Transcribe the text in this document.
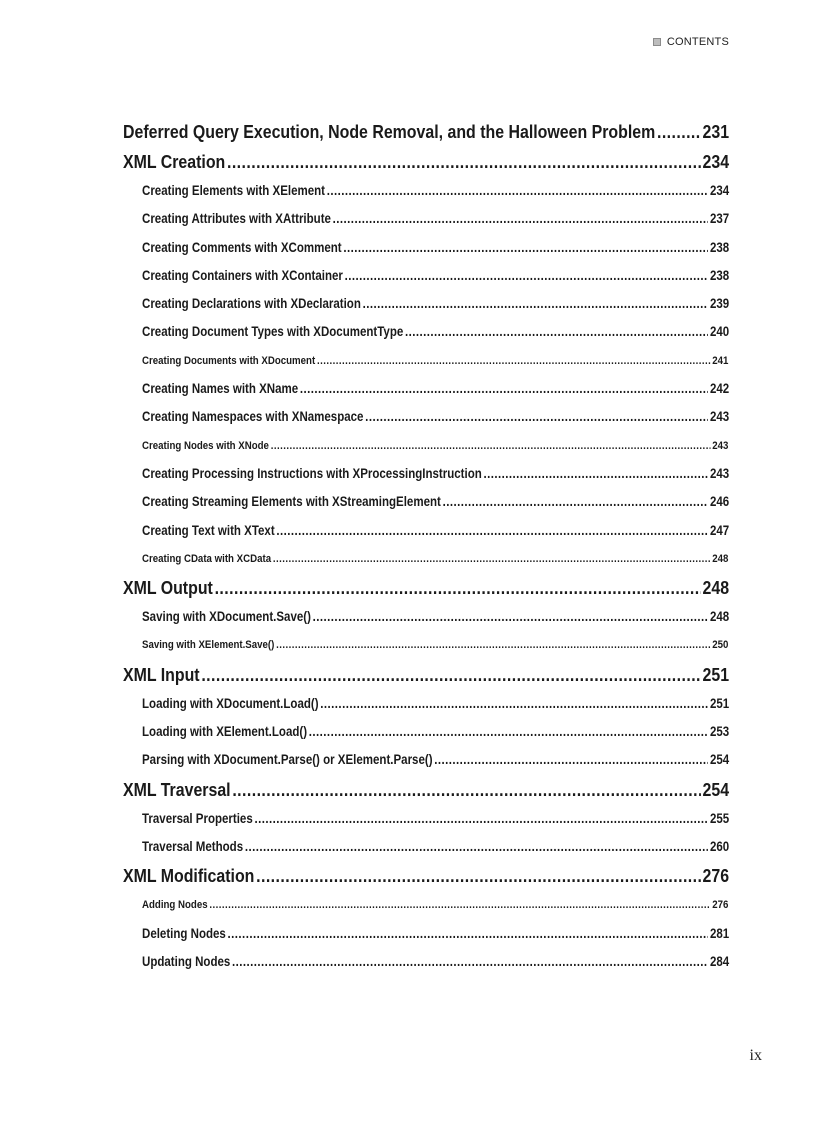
CONTENTS
Deferred Query Execution, Node Removal, and the Halloween Problem .....	231
XML Creation .....	234
Creating Elements with XElement .....	234
Creating Attributes with XAttribute .....	237
Creating Comments with XComment .....	238
Creating Containers with XContainer .....	238
Creating Declarations with XDeclaration .....	239
Creating Document Types with XDocumentType .....	240
Creating Documents with XDocument .....	241
Creating Names with XName .....	242
Creating Namespaces with XNamespace .....	243
Creating Nodes with XNode .....	243
Creating Processing Instructions with XProcessingInstruction .....	243
Creating Streaming Elements with XStreamingElement .....	246
Creating Text with XText .....	247
Creating CData with XCData .....	248
XML Output .....	248
Saving with XDocument.Save() .....	248
Saving with XElement.Save() .....	250
XML Input .....	251
Loading with XDocument.Load() .....	251
Loading with XElement.Load() .....	253
Parsing with XDocument.Parse() or XElement.Parse() .....	254
XML Traversal .....	254
Traversal Properties .....	255
Traversal Methods .....	260
XML Modification .....	276
Adding Nodes .....	276
Deleting Nodes .....	281
Updating Nodes .....	284
ix
